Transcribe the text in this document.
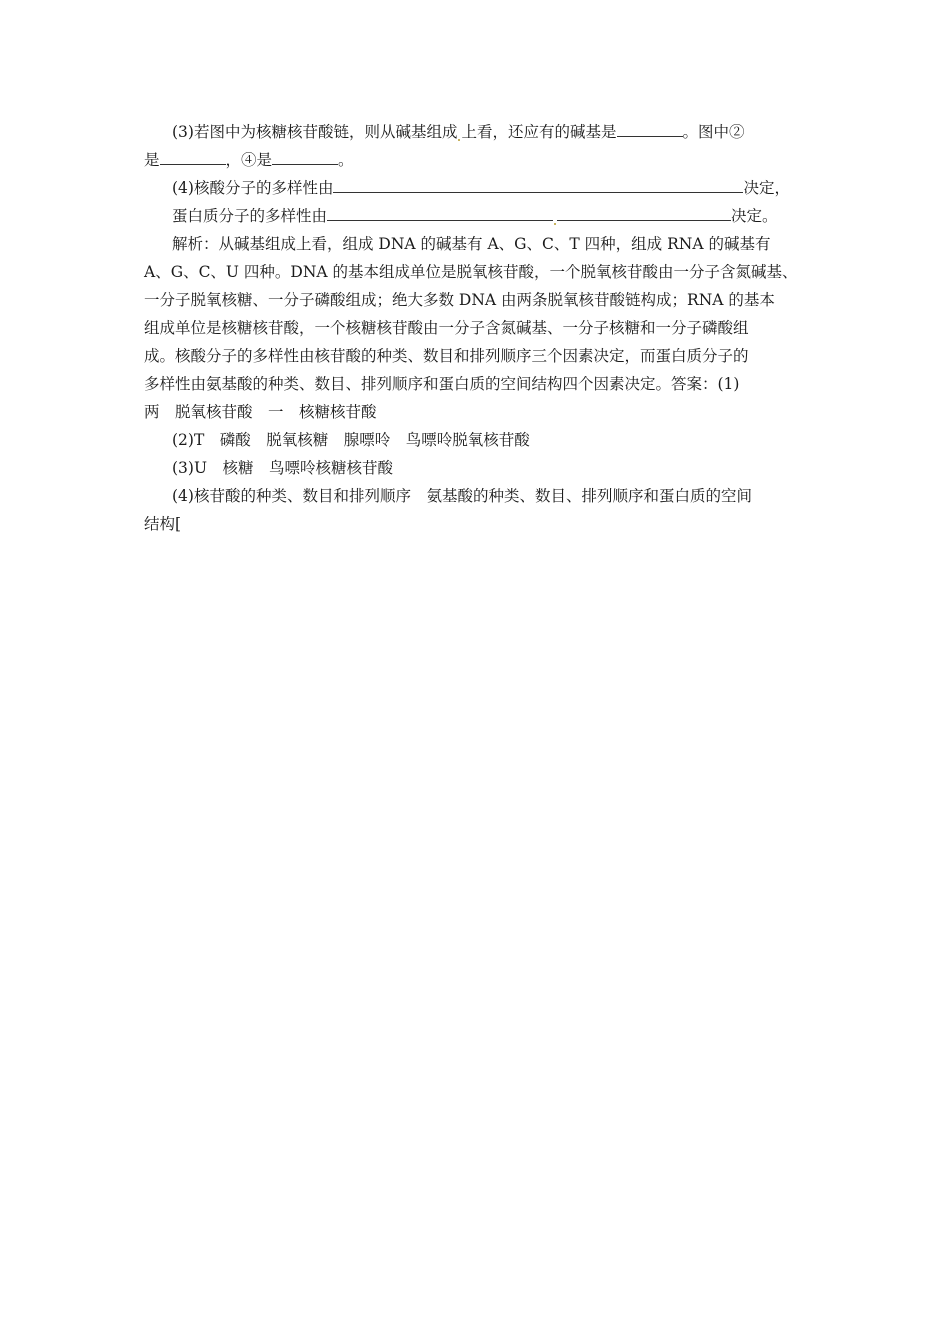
(3)若图中为核糖核苷酸链，则从碱基组成 上看，还应有的碱基是	。图中②
是	，④是	。
(4)核酸分子的多样性由	决定，
蛋白质分子的多样性由	决定。
解析：从碱基组成上看，组成 DNA 的碱基有 A、G、C、T 四种，组成 RNA 的碱基有
A、G、C、U 四种。DNA 的基本组成单位是脱氧核苷酸，一个脱氧核苷酸由一分子含氮碱基、
一分子脱氧核糖、一分子磷酸组成；绝大多数 DNA 由两条脱氧核苷酸链构成；RNA 的基本
组成单位是核糖核苷酸，一个核糖核苷酸由一分子含氮碱基、一分子核糖和一分子磷酸组
成。核酸分子的多样性由核苷酸的种类、数目和排列顺序三个因素决定，而蛋白质分子的
多样性由氨基酸的种类、数目、排列顺序和蛋白质的空间结构四个因素决定。答案：(1)
两　脱氧核苷酸　一　核糖核苷酸
(2)T　磷酸　脱氧核糖　腺嘌呤　鸟嘌呤脱氧核苷酸
(3)U　核糖　鸟嘌呤核糖核苷酸
(4)核苷酸的种类、数目和排列顺序　氨基酸的种类、数目、排列顺序和蛋白质的空间
结构[
